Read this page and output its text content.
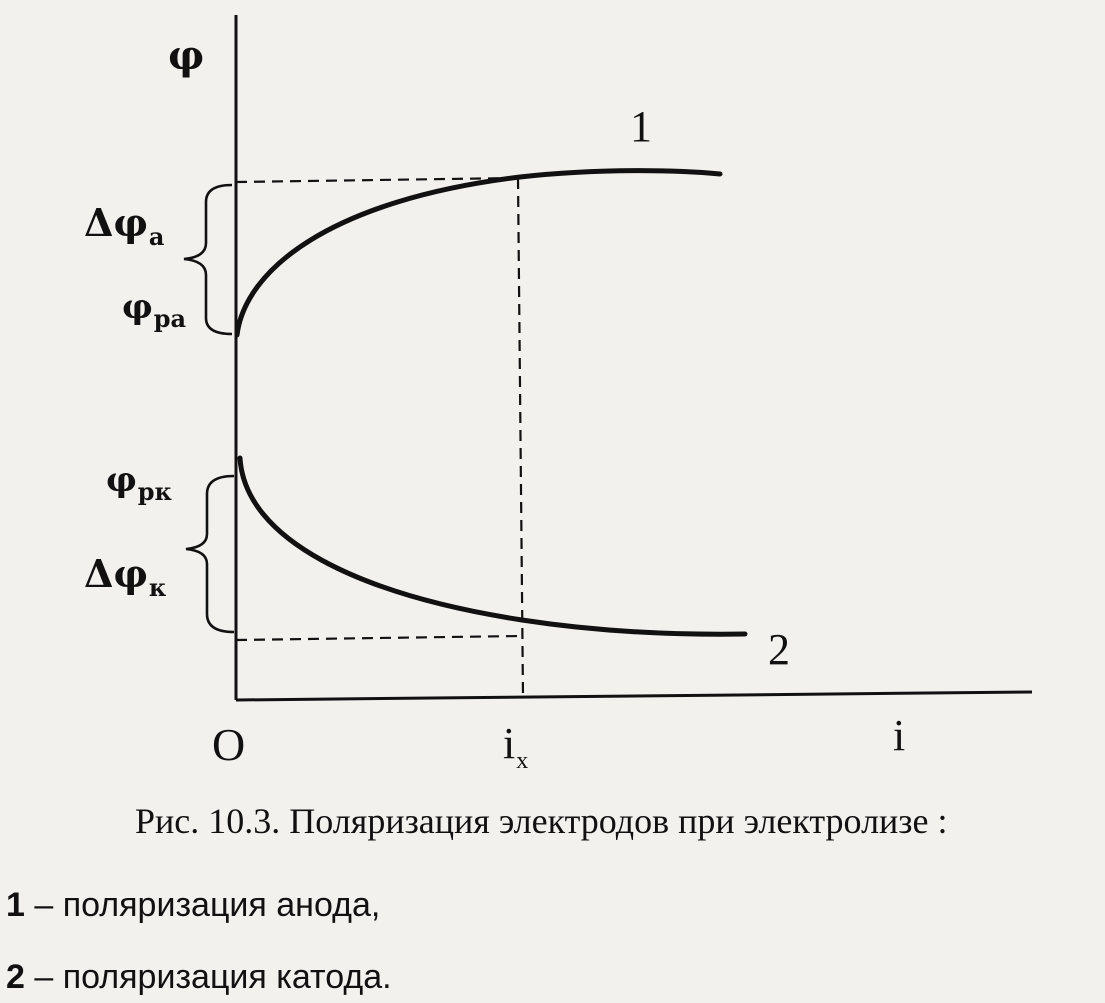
φ
O	i
$i_x$
1
2
$\Delta\varphi_а$
$\varphi_{ра}$
$\varphi_{рк}$
$\Delta\varphi_к$
Рис. 10.3. Поляризация электродов при электролизе :
1 – поляризация анода,
2 – поляризация катода.
